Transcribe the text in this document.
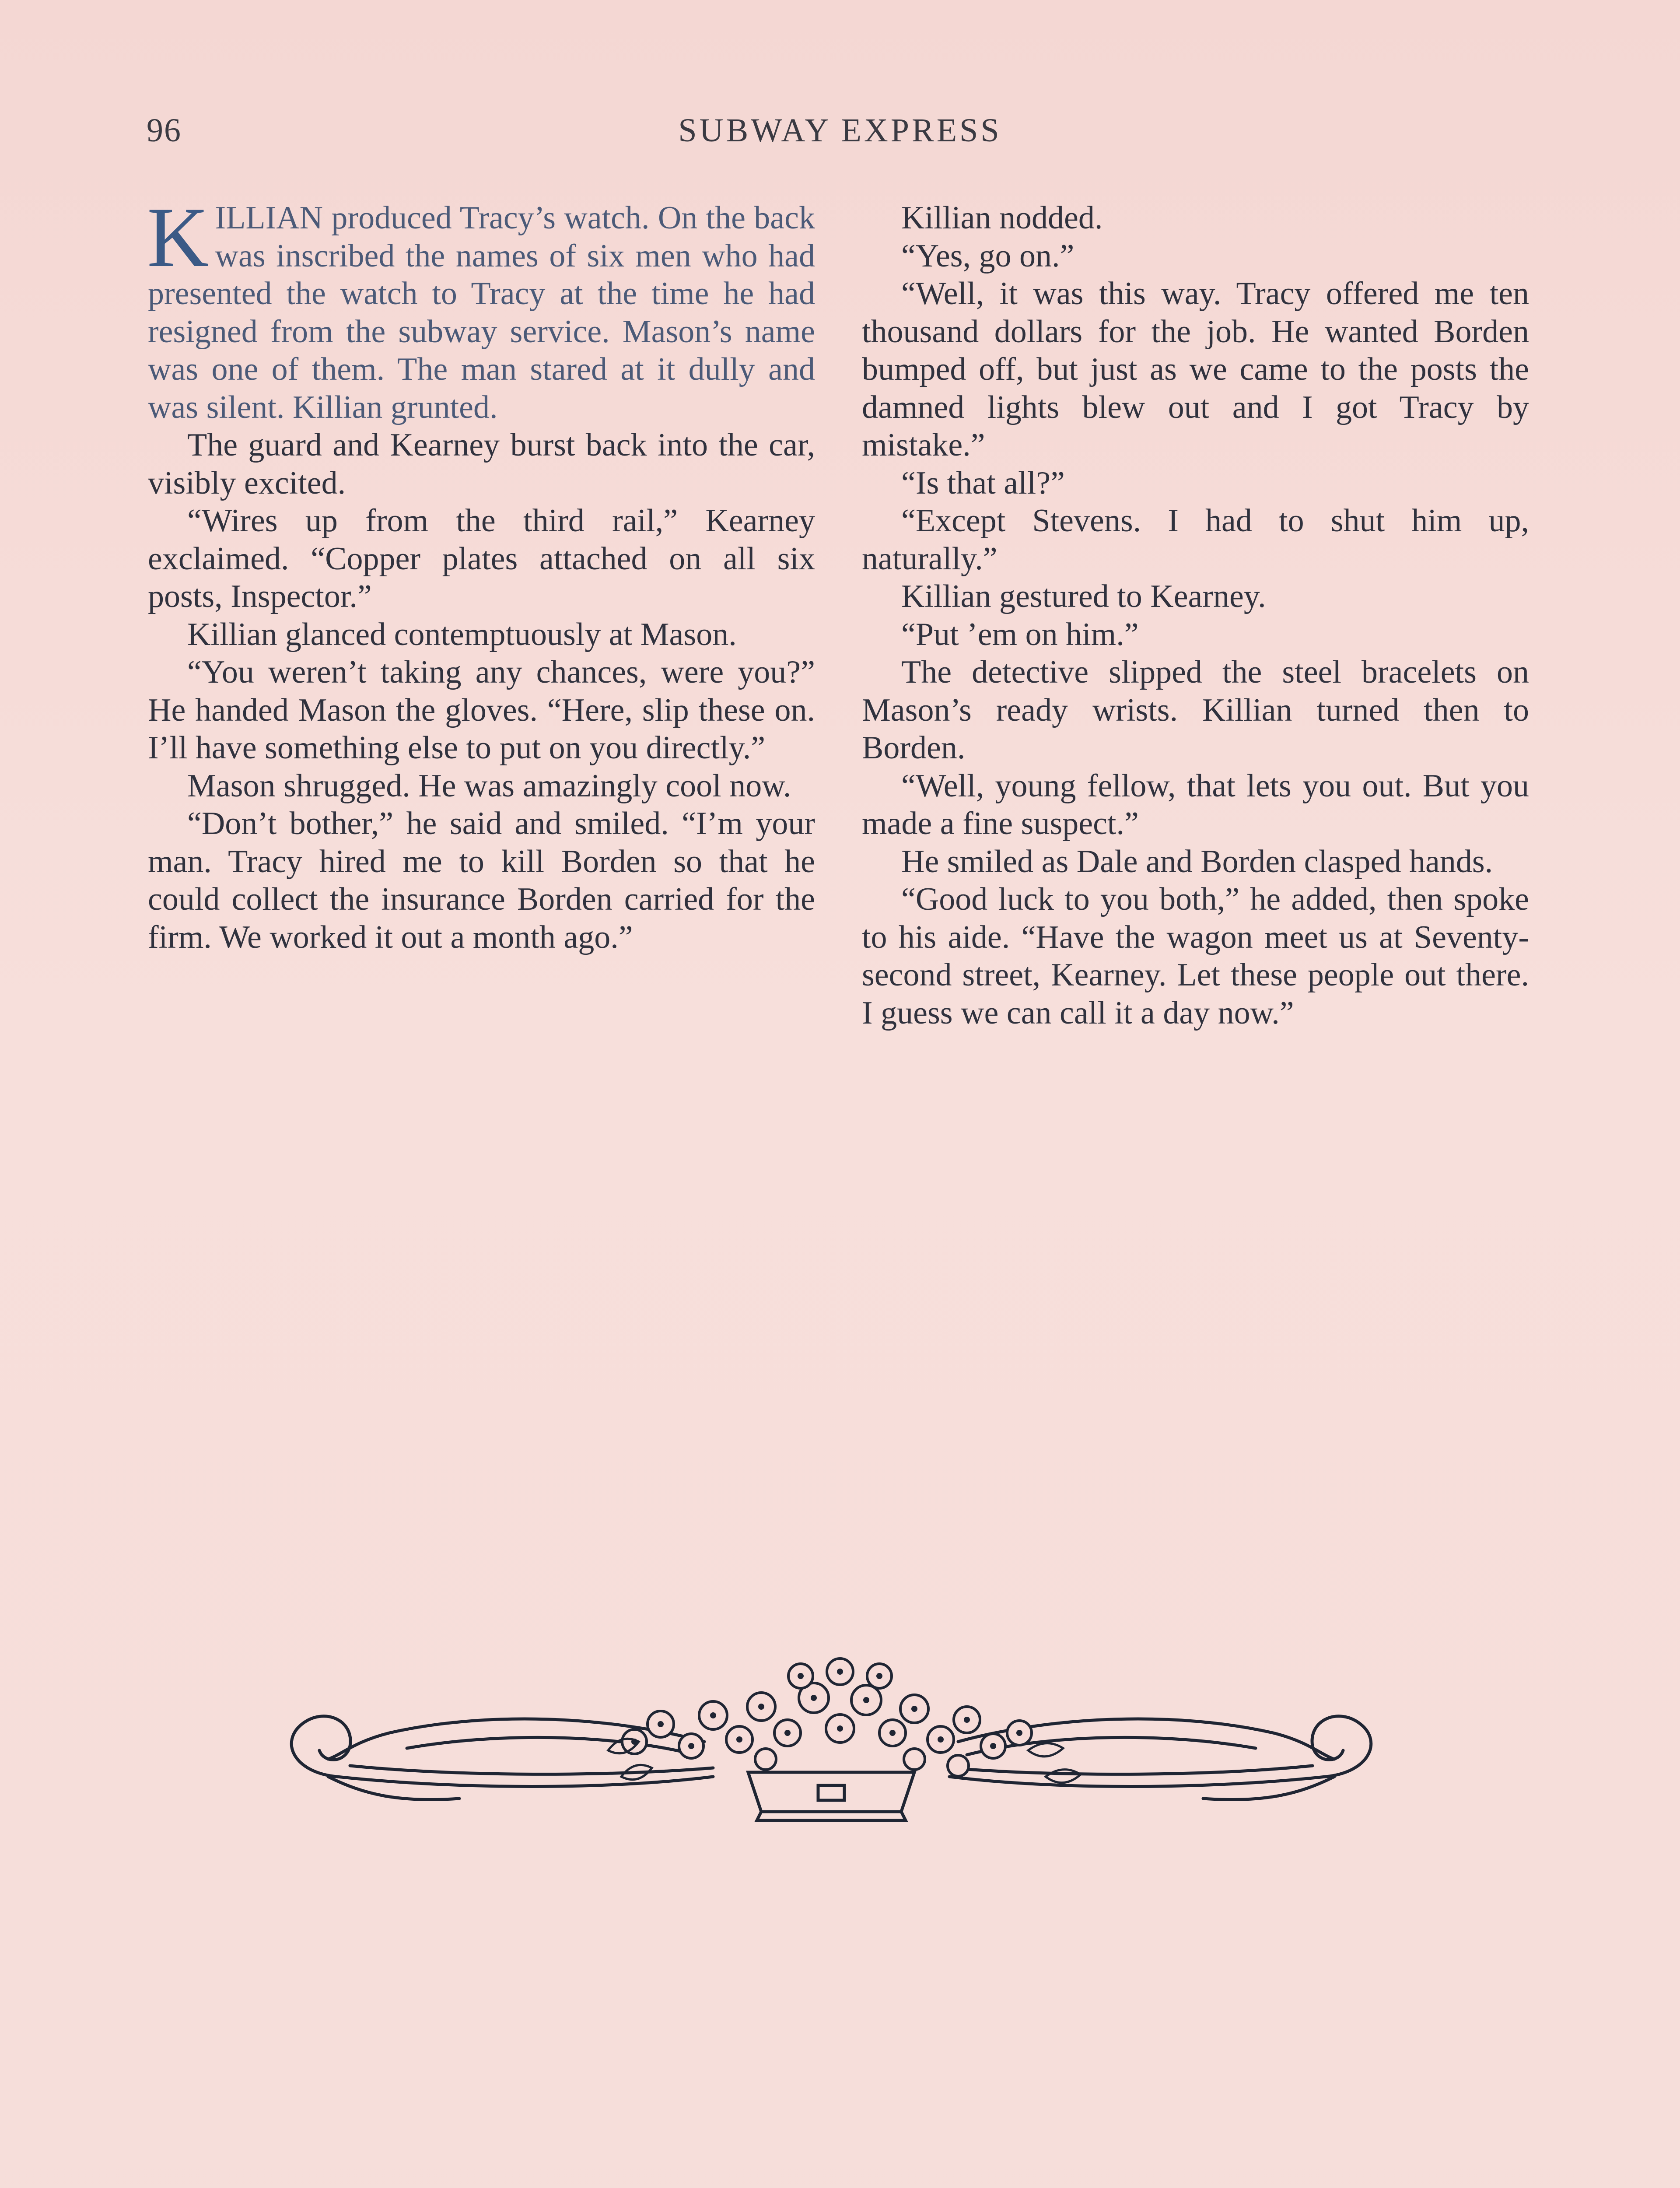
96	SUBWAY EXPRESS

KILLIAN produced Tracy’s watch. On the back was inscribed the names of six men who had presented the watch to Tracy at the time he had resigned from the subway service. Mason’s name was one of them. The man stared at it dully and was silent. Killian grunted.

The guard and Kearney burst back into the car, visibly excited.

“Wires up from the third rail,” Kearney exclaimed. “Copper plates attached on all six posts, Inspector.”

Killian glanced contemptuously at Mason.

“You weren’t taking any chances, were you?” He handed Mason the gloves. “Here, slip these on. I’ll have something else to put on you directly.”

Mason shrugged. He was amazingly cool now.

“Don’t bother,” he said and smiled. “I’m your man. Tracy hired me to kill Borden so that he could collect the insurance Borden carried for the firm. We worked it out a month ago.”

Killian nodded.

“Yes, go on.”

“Well, it was this way. Tracy offered me ten thousand dollars for the job. He wanted Borden bumped off, but just as we came to the posts the damned lights blew out and I got Tracy by mistake.”

“Is that all?”

“Except Stevens. I had to shut him up, naturally.”

Killian gestured to Kearney.

“Put ’em on him.”

The detective slipped the steel bracelets on Mason’s ready wrists. Killian turned then to Borden.

“Well, young fellow, that lets you out. But you made a fine suspect.”

He smiled as Dale and Borden clasped hands.

“Good luck to you both,” he added, then spoke to his aide. “Have the wagon meet us at Seventy-second street, Kearney. Let these people out there. I guess we can call it a day now.”
